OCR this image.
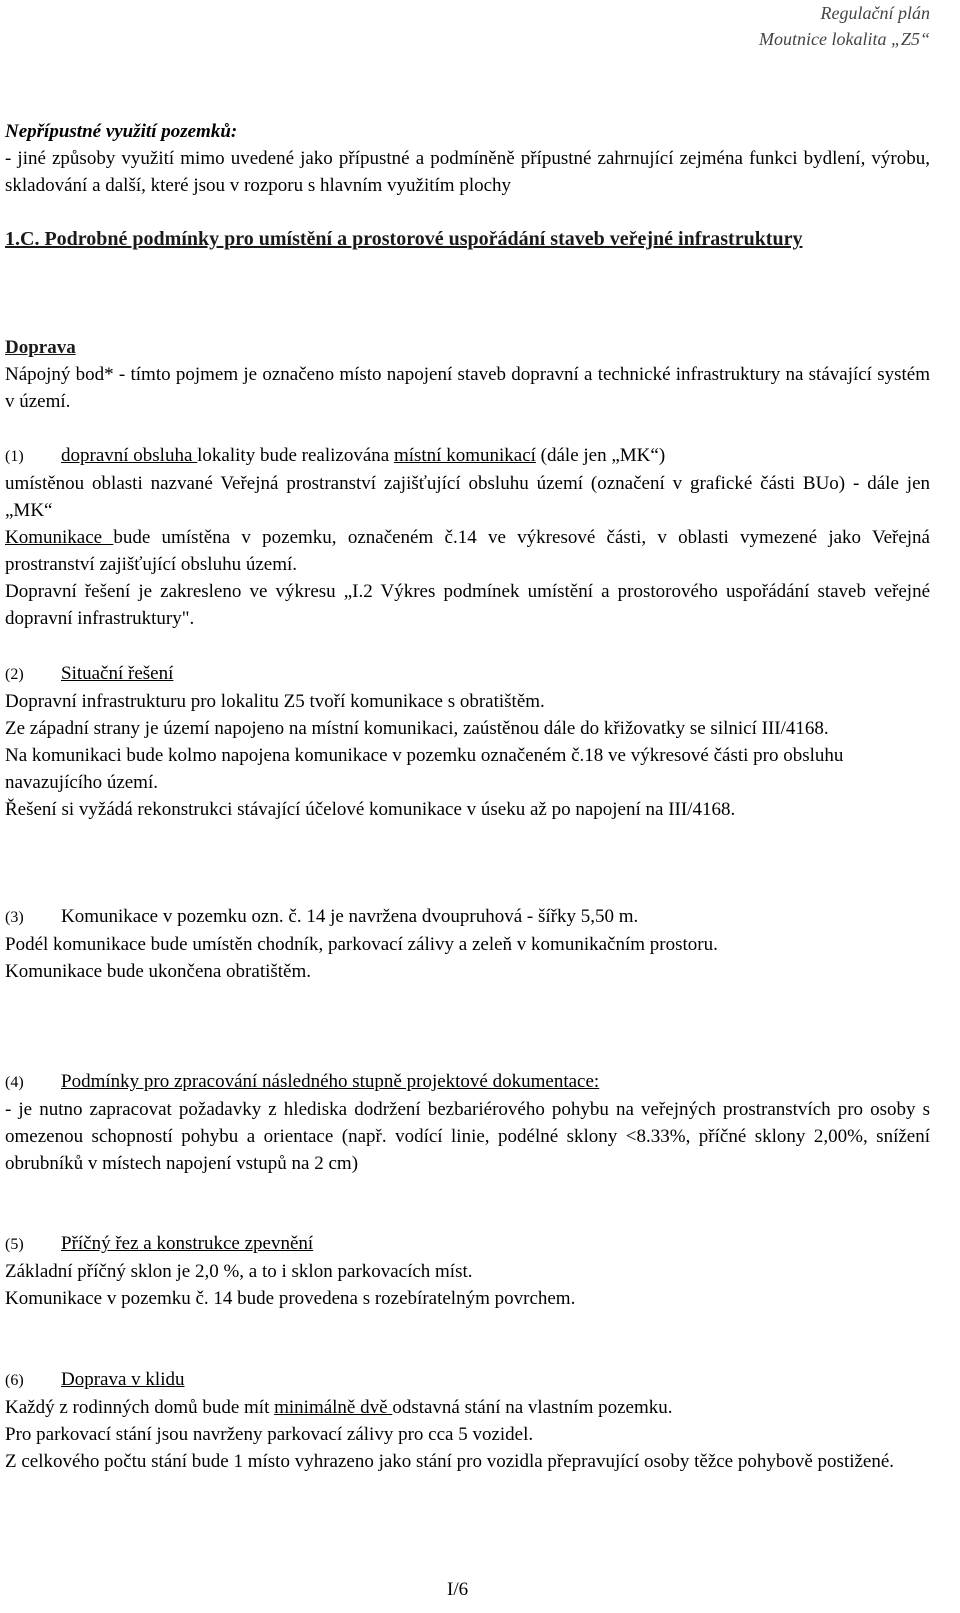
Regulační plán
Moutnice lokalita „Z5“

Nepřípustné využití pozemků:

- jiné způsoby využití mimo uvedené jako přípustné a podmíněně přípustné zahrnující zejména funkci bydlení, výrobu, skladování a další, které jsou v rozporu s hlavním využitím plochy

1.C. Podrobné podmínky pro umístění a prostorové uspořádání staveb veřejné infrastruktury

Doprava

Nápojný bod* - tímto pojmem je označeno místo napojení staveb dopravní a technické infrastruktury na stávající systém v území.

(1) dopravní obsluha lokality bude realizována místní komunikací (dále jen „MK“)

umístěnou oblasti nazvané Veřejná prostranství zajišťující obsluhu území (označení v grafické části BUo) - dále jen „MK“

Komunikace bude umístěna v pozemku, označeném č.14 ve výkresové části, v oblasti vymezené jako Veřejná prostranství zajišťující obsluhu území.

Dopravní řešení je zakresleno ve výkresu „I.2 Výkres podmínek umístění a prostorového uspořádání staveb veřejné dopravní infrastruktury".

(2) Situační řešení

Dopravní infrastrukturu pro lokalitu Z5 tvoří komunikace s obratištěm.

Ze západní strany je území napojeno na místní komunikaci, zaústěnou dále do křižovatky se silnicí III/4168.

Na komunikaci bude kolmo napojena komunikace v pozemku označeném č.18 ve výkresové části pro obsluhu navazujícího území.

Řešení si vyžádá rekonstrukci stávající účelové komunikace v úseku až po napojení na III/4168.

(3) Komunikace v pozemku ozn. č. 14 je navržena dvoupruhová - šířky 5,50 m.

Podél komunikace bude umístěn chodník, parkovací zálivy a zeleň v komunikačním prostoru.

Komunikace bude ukončena obratištěm.

(4) Podmínky pro zpracování následného stupně projektové dokumentace:

- je nutno zapracovat požadavky z hlediska dodržení bezbariérového pohybu na veřejných prostranstvích pro osoby s omezenou schopností pohybu a orientace (např. vodící linie, podélné sklony <8.33%, příčné sklony 2,00%, snížení obrubníků v místech napojení vstupů na 2 cm)

(5) Příčný řez a konstrukce zpevnění

Základní příčný sklon je 2,0 %, a to i sklon parkovacích míst.

Komunikace v pozemku č. 14 bude provedena s rozebíratelným povrchem.

(6) Doprava v klidu

Každý z rodinných domů bude mít minimálně dvě odstavná stání na vlastním pozemku.

Pro parkovací stání jsou navrženy parkovací zálivy pro cca 5 vozidel.

Z celkového počtu stání bude 1 místo vyhrazeno jako stání pro vozidla přepravující osoby těžce pohybově postižené.

I/6
